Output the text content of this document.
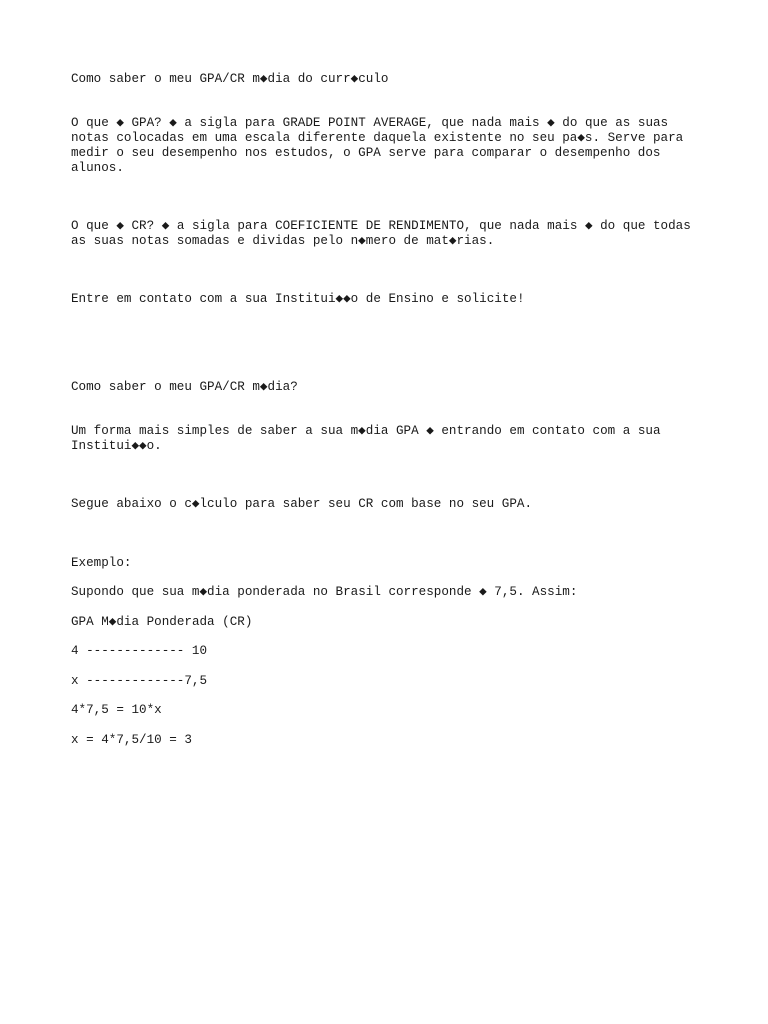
Como saber o meu GPA/CR m◆dia do curr◆culo

O que ◆ GPA? ◆ a sigla para GRADE POINT AVERAGE, que nada mais ◆ do que as suas

notas colocadas em uma escala diferente daquela existente no seu pa◆s. Serve para

medir o seu desempenho nos estudos, o GPA serve para comparar o desempenho dos

alunos.

O que ◆ CR? ◆ a sigla para COEFICIENTE DE RENDIMENTO, que nada mais ◆ do que todas

as suas notas somadas e dividas pelo n◆mero de mat◆rias.

Entre em contato com a sua Institui◆◆o de Ensino e solicite!

Como saber o meu GPA/CR m◆dia?

Um forma mais simples de saber a sua m◆dia GPA ◆ entrando em contato com a sua

Institui◆◆o.

Segue abaixo o c◆lculo para saber seu CR com base no seu GPA.

Exemplo:

Supondo que sua m◆dia ponderada no Brasil corresponde ◆ 7,5. Assim:

GPA M◆dia Ponderada (CR)

4 ------------- 10

x -------------7,5

4*7,5 = 10*x

x = 4*7,5/10 = 3
